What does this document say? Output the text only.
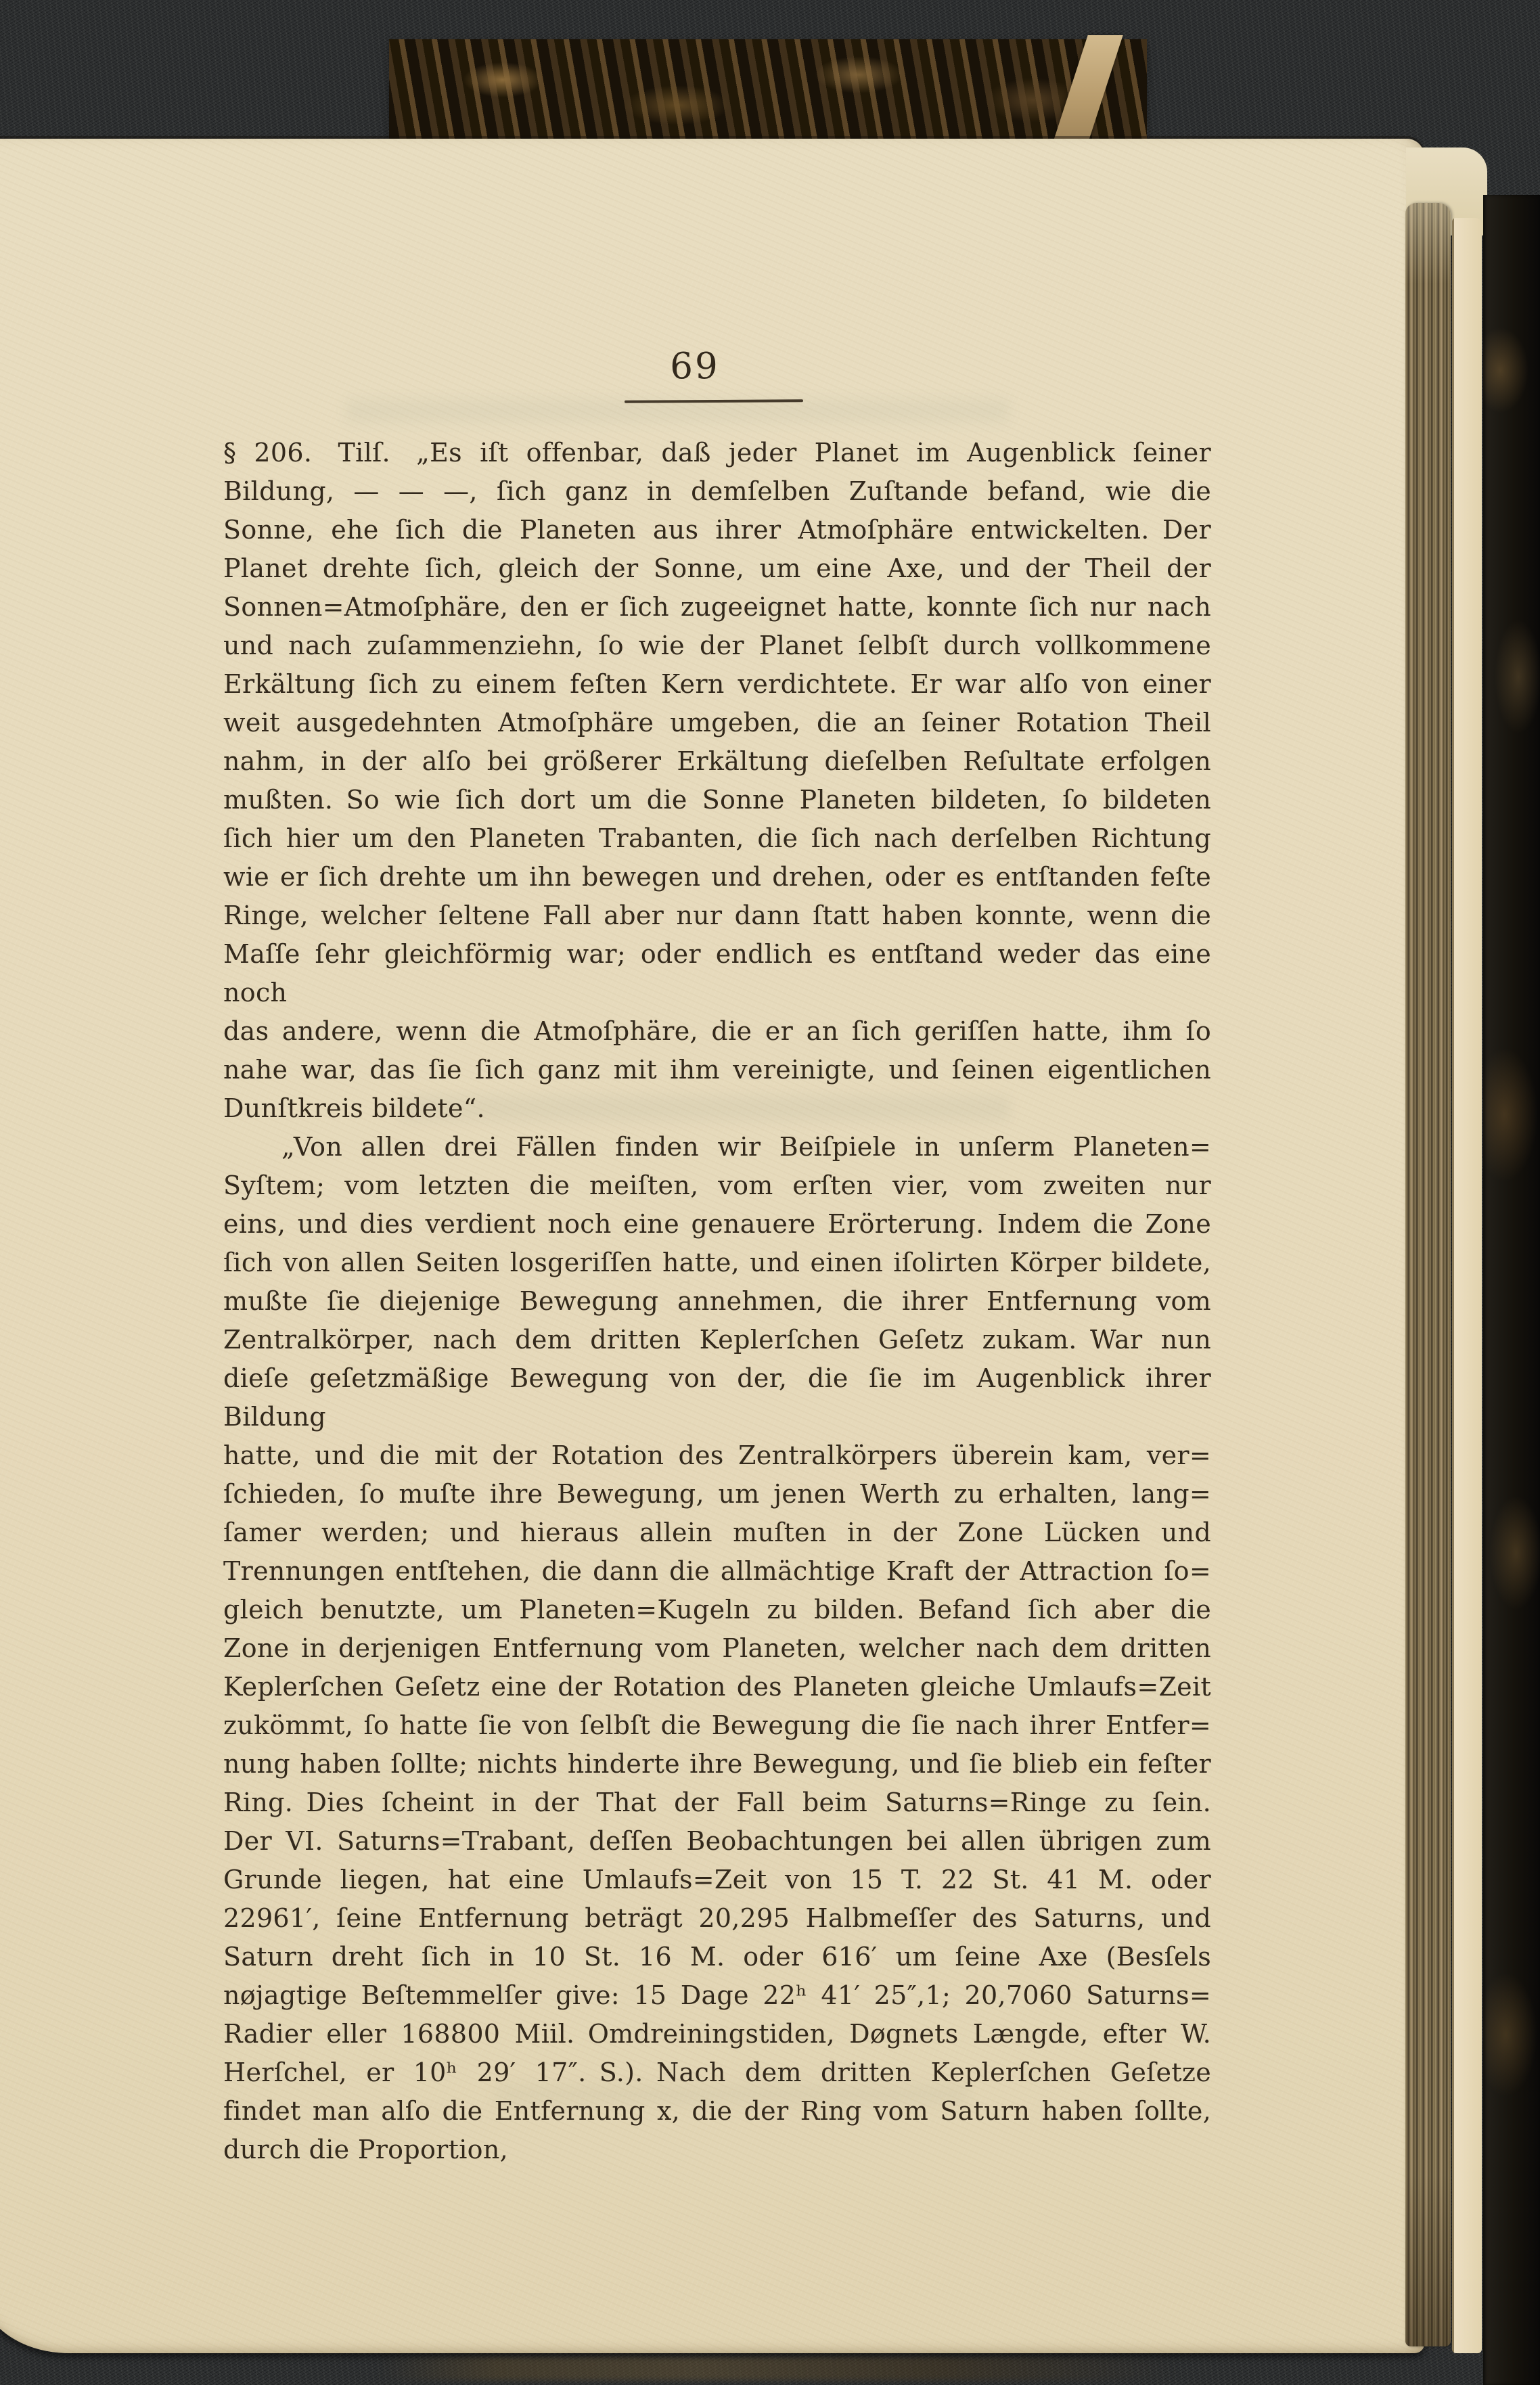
69
§ 206. Tilſ. „Es iſt offenbar, daß jeder Planet im Augenblick ſeiner
Bildung, — — —, ſich ganz in demſelben Zuſtande befand, wie die
Sonne, ehe ſich die Planeten aus ihrer Atmoſphäre entwickelten. Der
Planet drehte ſich, gleich der Sonne, um eine Axe, und der Theil der
Sonnen=Atmoſphäre, den er ſich zugeeignet hatte, konnte ſich nur nach
und nach zuſammenziehn, ſo wie der Planet ſelbſt durch vollkommene
Erkältung ſich zu einem feſten Kern verdichtete. Er war alſo von einer
weit ausgedehnten Atmoſphäre umgeben, die an ſeiner Rotation Theil
nahm, in der alſo bei größerer Erkältung dieſelben Reſultate erfolgen
mußten. So wie ſich dort um die Sonne Planeten bildeten, ſo bildeten
ſich hier um den Planeten Trabanten, die ſich nach derſelben Richtung
wie er ſich drehte um ihn bewegen und drehen, oder es entſtanden feſte
Ringe, welcher ſeltene Fall aber nur dann ſtatt haben konnte, wenn die
Maſſe ſehr gleichförmig war; oder endlich es entſtand weder das eine noch
das andere, wenn die Atmoſphäre, die er an ſich geriſſen hatte, ihm ſo
nahe war, das ſie ſich ganz mit ihm vereinigte, und ſeinen eigentlichen
Dunſtkreis bildete“.
„Von allen drei Fällen finden wir Beiſpiele in unſerm Planeten=
Syſtem; vom letzten die meiſten, vom erſten vier, vom zweiten nur
eins, und dies verdient noch eine genauere Erörterung. Indem die Zone
ſich von allen Seiten losgeriſſen hatte, und einen iſolirten Körper bildete,
mußte ſie diejenige Bewegung annehmen, die ihrer Entfernung vom
Zentralkörper, nach dem dritten Keplerſchen Geſetz zukam. War nun
dieſe geſetzmäßige Bewegung von der, die ſie im Augenblick ihrer Bildung
hatte, und die mit der Rotation des Zentralkörpers überein kam, ver=
ſchieden, ſo muſte ihre Bewegung, um jenen Werth zu erhalten, lang=
ſamer werden; und hieraus allein muſten in der Zone Lücken und
Trennungen entſtehen, die dann die allmächtige Kraft der Attraction ſo=
gleich benutzte, um Planeten=Kugeln zu bilden. Befand ſich aber die
Zone in derjenigen Entfernung vom Planeten, welcher nach dem dritten
Keplerſchen Geſetz eine der Rotation des Planeten gleiche Umlaufs=Zeit
zukömmt, ſo hatte ſie von ſelbſt die Bewegung die ſie nach ihrer Entfer=
nung haben ſollte; nichts hinderte ihre Bewegung, und ſie blieb ein feſter
Ring. Dies ſcheint in der That der Fall beim Saturns=Ringe zu ſein.
Der VI. Saturns=Trabant, deſſen Beobachtungen bei allen übrigen zum
Grunde liegen, hat eine Umlaufs=Zeit von 15 T. 22 St. 41 M. oder
22961′, ſeine Entfernung beträgt 20,295 Halbmeſſer des Saturns, und
Saturn dreht ſich in 10 St. 16 M. oder 616′ um ſeine Axe (Besſels
nøjagtige Beſtemmelſer give: 15 Dage 22ʰ 41′ 25″,1; 20,7060 Saturns=
Radier eller 168800 Miil. Omdreiningstiden, Døgnets Længde, efter W.
Herſchel, er 10ʰ 29′ 17″. S.). Nach dem dritten Keplerſchen Geſetze
findet man alſo die Entfernung x, die der Ring vom Saturn haben ſollte,
durch die Proportion,
